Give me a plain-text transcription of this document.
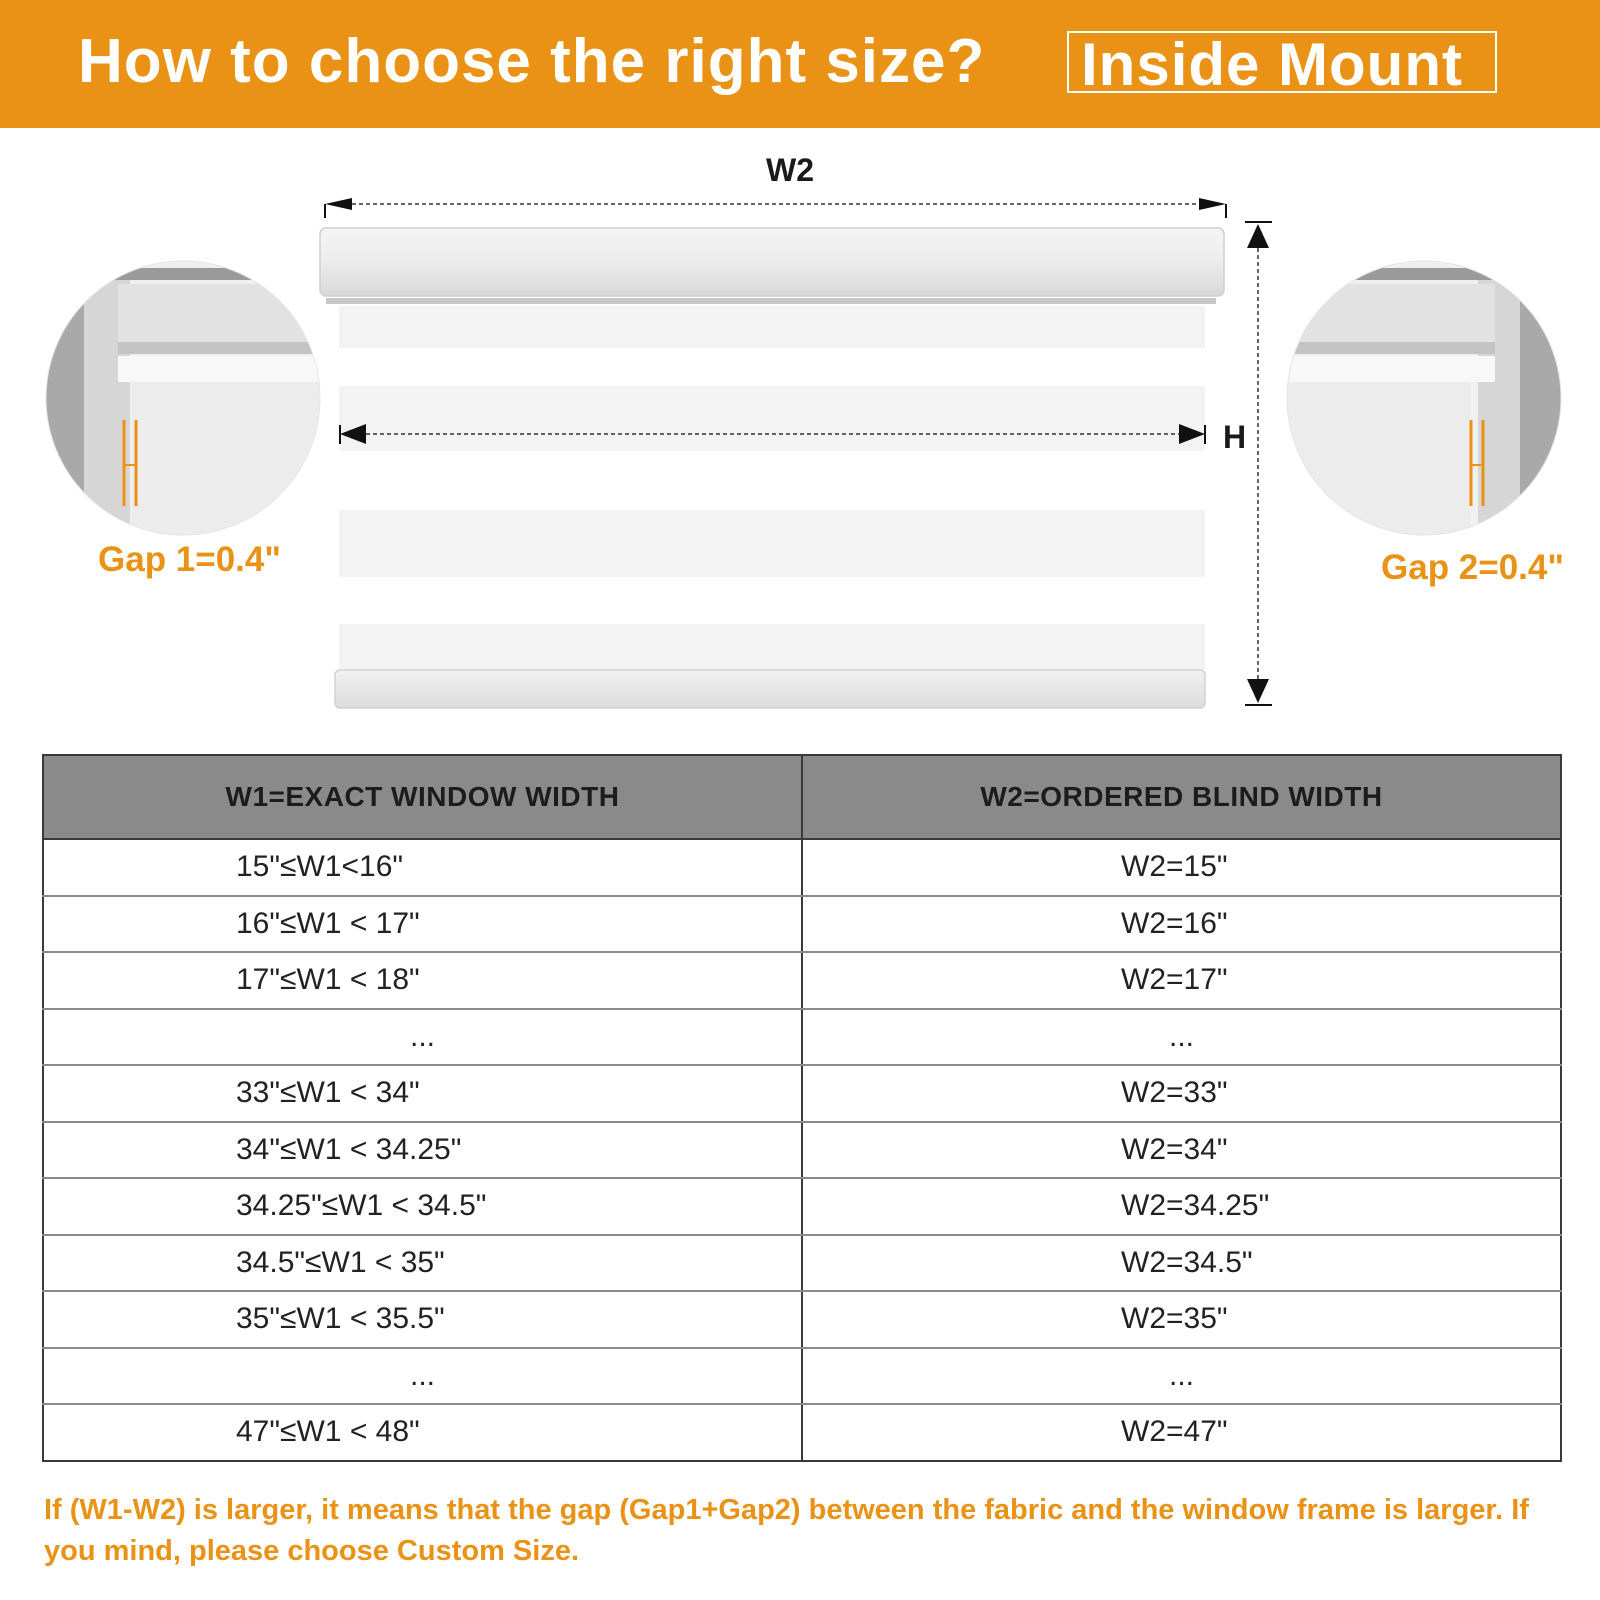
How to choose the right size? Inside Mount
W2
H
Gap 1=0.4"	Gap 2=0.4"
W1=EXACT WINDOW WIDTH	W2=ORDERED BLIND WIDTH
15"≤W1<16"	W2=15"
16"≤W1 < 17"	W2=16"
17"≤W1 < 18"	W2=17"
...	...
33"≤W1 < 34"	W2=33"
34"≤W1 < 34.25"	W2=34"
34.25"≤W1 < 34.5"	W2=34.25"
34.5"≤W1 < 35"	W2=34.5"
35"≤W1 < 35.5"	W2=35"
...	...
47"≤W1 < 48"	W2=47"
If (W1-W2) is larger, it means that the gap (Gap1+Gap2) between the fabric and the window frame is larger. If you mind, please choose Custom Size.
